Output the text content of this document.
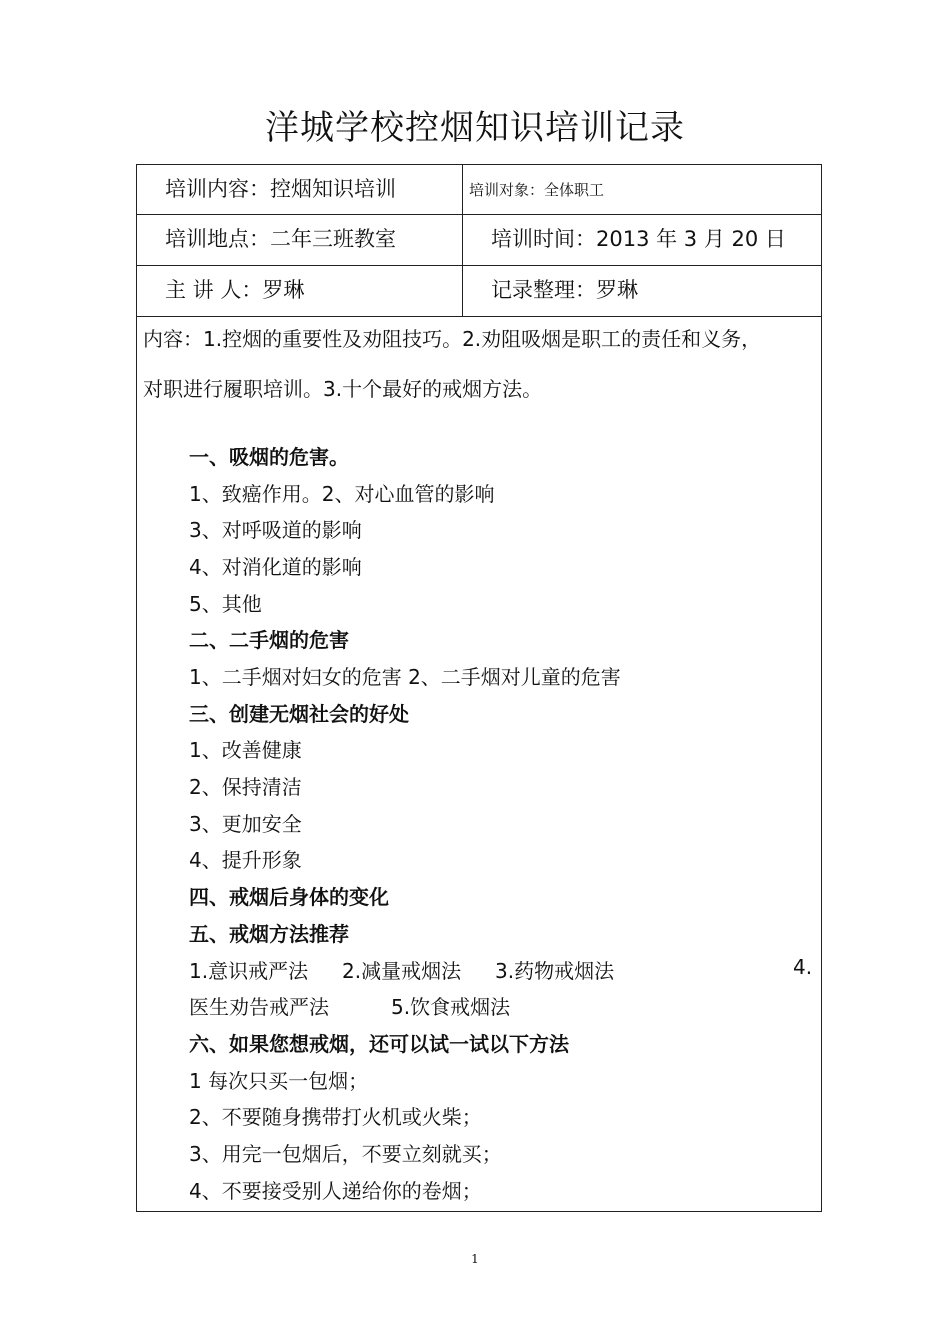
洋城学校控烟知识培训记录
培训内容：控烟知识培训	培训对象：全体职工
培训地点：二年三班教室	培训时间：2013 年 3 月 20 日
主 讲 人：罗琳	记录整理：罗琳
内容：1.控烟的重要性及劝阻技巧。2.劝阻吸烟是职工的责任和义务，
对职进行履职培训。3.十个最好的戒烟方法。
一、吸烟的危害。
1、致癌作用。2、对心血管的影响
3、对呼吸道的影响
4、对消化道的影响
5、其他
二、二手烟的危害
1、二手烟对妇女的危害 2、二手烟对儿童的危害
三、创建无烟社会的好处
1、改善健康
2、保持清洁
3、更加安全
4、提升形象
四、戒烟后身体的变化
五、戒烟方法推荐
1.意识戒严法 2.减量戒烟法 3.药物戒烟法	4.
医生劝告戒严法	5.饮食戒烟法
六、如果您想戒烟，还可以试一试以下方法
1 每次只买一包烟；
2、不要随身携带打火机或火柴；
3、用完一包烟后，不要立刻就买；
4、不要接受别人递给你的卷烟；
1
